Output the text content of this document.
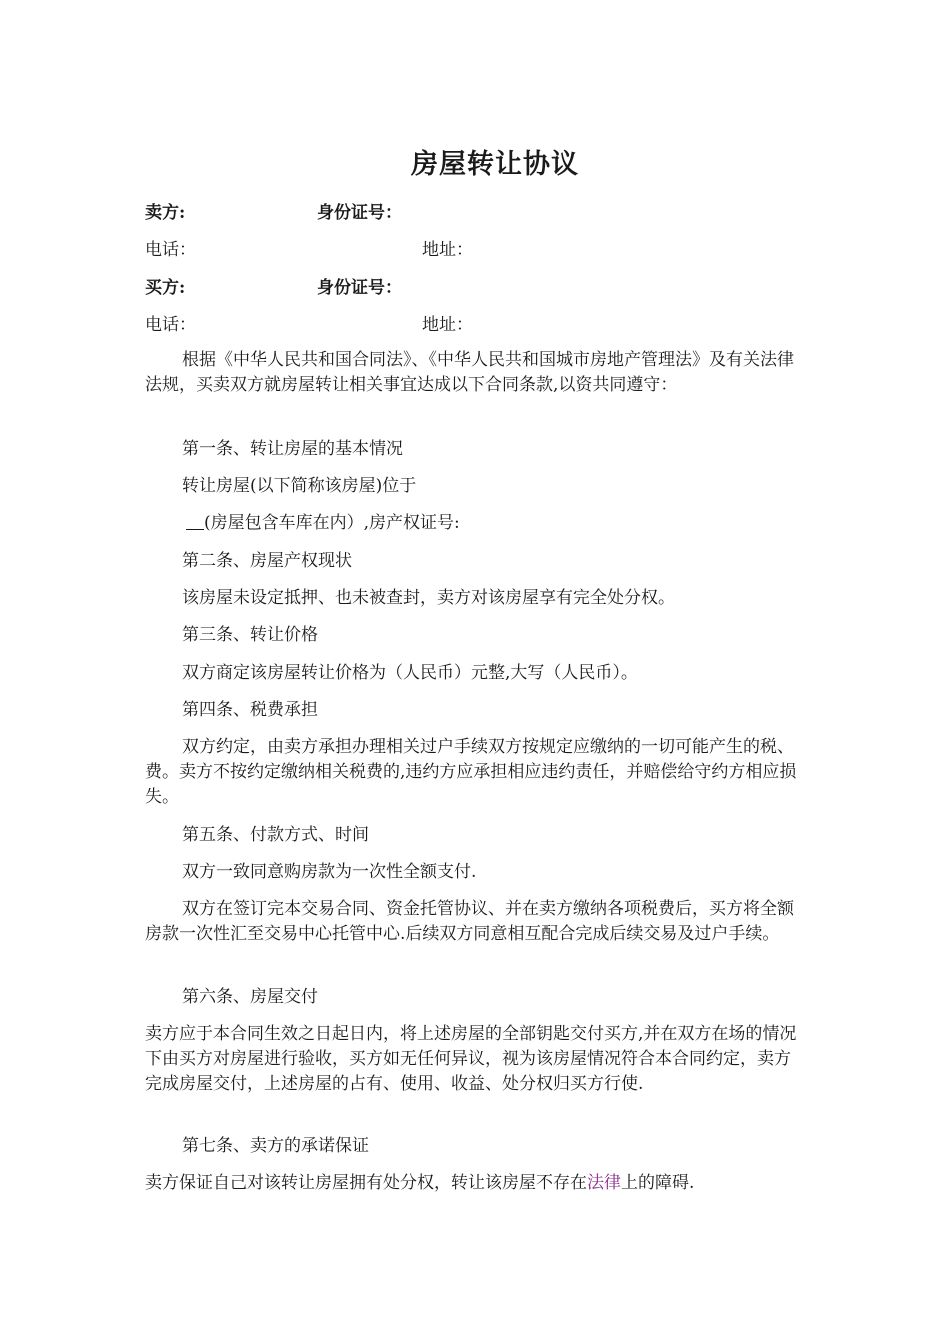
房屋转让协议
卖方:	身份证号：
电话：	地址：
买方:	身份证号：
电话：	地址：
根据《中华人民共和国合同法》、《中华人民共和国城市房地产管理法》及有关法律法规，买卖双方就房屋转让相关事宜达成以下合同条款,以资共同遵守：
第一条、转让房屋的基本情况
转让房屋(以下简称该房屋)位于
(房屋包含车库在内）,房产权证号:
第二条、房屋产权现状
该房屋未设定抵押、也未被查封，卖方对该房屋享有完全处分权。
第三条、转让价格
双方商定该房屋转让价格为（人民币）元整,大写（人民币）。
第四条、税费承担
双方约定，由卖方承担办理相关过户手续双方按规定应缴纳的一切可能产生的税、费。卖方不按约定缴纳相关税费的,违约方应承担相应违约责任，并赔偿给守约方相应损失。
第五条、付款方式、时间
双方一致同意购房款为一次性全额支付.
双方在签订完本交易合同、资金托管协议、并在卖方缴纳各项税费后，买方将全额房款一次性汇至交易中心托管中心.后续双方同意相互配合完成后续交易及过户手续。
第六条、房屋交付
卖方应于本合同生效之日起日内，将上述房屋的全部钥匙交付买方,并在双方在场的情况下由买方对房屋进行验收，买方如无任何异议，视为该房屋情况符合本合同约定，卖方完成房屋交付，上述房屋的占有、使用、收益、处分权归买方行使.
第七条、卖方的承诺保证
卖方保证自己对该转让房屋拥有处分权，转让该房屋不存在法律上的障碍.
